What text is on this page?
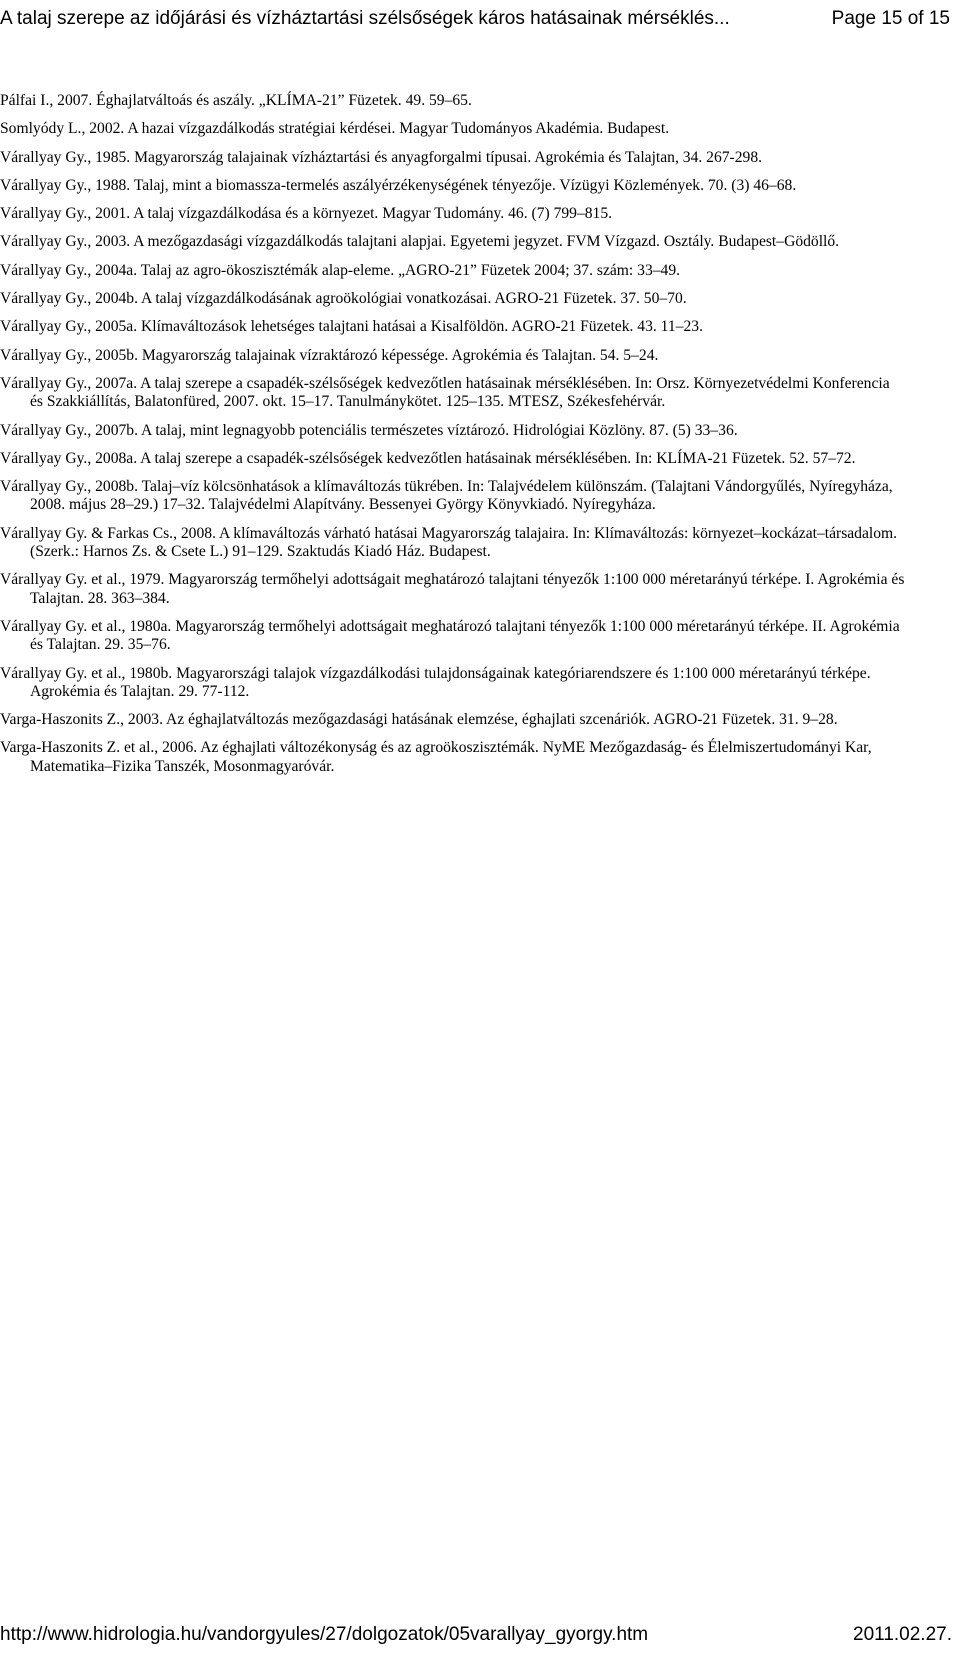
A talaj szerepe az időjárási és vízháztartási szélsőségek káros hatásainak mérséklés...	Page 15 of 15
Pálfai I., 2007. Éghajlatváltoás és aszály. „KLÍMA-21” Füzetek. 49. 59–65.
Somlyódy L., 2002. A hazai vízgazdálkodás stratégiai kérdései. Magyar Tudományos Akadémia. Budapest.
Várallyay Gy., 1985. Magyarország talajainak vízháztartási és anyagforgalmi típusai. Agrokémia és Talajtan, 34. 267-298.
Várallyay Gy., 1988. Talaj, mint a biomassza-termelés aszályérzékenységének tényezője. Vízügyi Közlemények. 70. (3) 46–68.
Várallyay Gy., 2001. A talaj vízgazdálkodása és a környezet. Magyar Tudomány. 46. (7) 799–815.
Várallyay Gy., 2003. A mezőgazdasági vízgazdálkodás talajtani alapjai. Egyetemi jegyzet. FVM Vízgazd. Osztály. Budapest–Gödöllő.
Várallyay Gy., 2004a. Talaj az agro-ökoszisztémák alap-eleme. „AGRO-21” Füzetek 2004; 37. szám: 33–49.
Várallyay Gy., 2004b. A talaj vízgazdálkodásának agroökológiai vonatkozásai. AGRO-21 Füzetek. 37. 50–70.
Várallyay Gy., 2005a. Klímaváltozások lehetséges talajtani hatásai a Kisalföldön. AGRO-21 Füzetek. 43. 11–23.
Várallyay Gy., 2005b. Magyarország talajainak vízraktározó képessége. Agrokémia és Talajtan. 54. 5–24.
Várallyay Gy., 2007a. A talaj szerepe a csapadék-szélsőségek kedvezőtlen hatásainak mérséklésében. In: Orsz. Környezetvédelmi Konferencia és Szakkiállítás, Balatonfüred, 2007. okt. 15–17. Tanulmánykötet. 125–135. MTESZ, Székesfehérvár.
Várallyay Gy., 2007b. A talaj, mint legnagyobb potenciális természetes víztározó. Hidrológiai Közlöny. 87. (5) 33–36.
Várallyay Gy., 2008a. A talaj szerepe a csapadék-szélsőségek kedvezőtlen hatásainak mérséklésében. In: KLÍMA-21 Füzetek. 52. 57–72.
Várallyay Gy., 2008b. Talaj–víz kölcsönhatások a klímaváltozás tükrében. In: Talajvédelem különszám. (Talajtani Vándorgyűlés, Nyíregyháza, 2008. május 28–29.) 17–32. Talajvédelmi Alapítvány. Bessenyei György Könyvkiadó. Nyíregyháza.
Várallyay Gy. & Farkas Cs., 2008. A klímaváltozás várható hatásai Magyarország talajaira. In: Klímaváltozás: környezet–kockázat–társadalom. (Szerk.: Harnos Zs. & Csete L.) 91–129. Szaktudás Kiadó Ház. Budapest.
Várallyay Gy. et al., 1979. Magyarország termőhelyi adottságait meghatározó talajtani tényezők 1:100 000 méretarányú térképe. I. Agrokémia és Talajtan. 28. 363–384.
Várallyay Gy. et al., 1980a. Magyarország termőhelyi adottságait meghatározó talajtani tényezők 1:100 000 méretarányú térképe. II. Agrokémia és Talajtan. 29. 35–76.
Várallyay Gy. et al., 1980b. Magyarországi talajok vízgazdálkodási tulajdonságainak kategóriarendszere és 1:100 000 méretarányú térképe. Agrokémia és Talajtan. 29. 77-112.
Varga-Haszonits Z., 2003. Az éghajlatváltozás mezőgazdasági hatásának elemzése, éghajlati szcenáriók. AGRO-21 Füzetek. 31. 9–28.
Varga-Haszonits Z. et al., 2006. Az éghajlati változékonyság és az agroökoszisztémák. NyME Mezőgazdaság- és Élelmiszertudományi Kar, Matematika–Fizika Tanszék, Mosonmagyaróvár.
http://www.hidrologia.hu/vandorgyules/27/dolgozatok/05varallyay_gyorgy.htm	2011.02.27.
